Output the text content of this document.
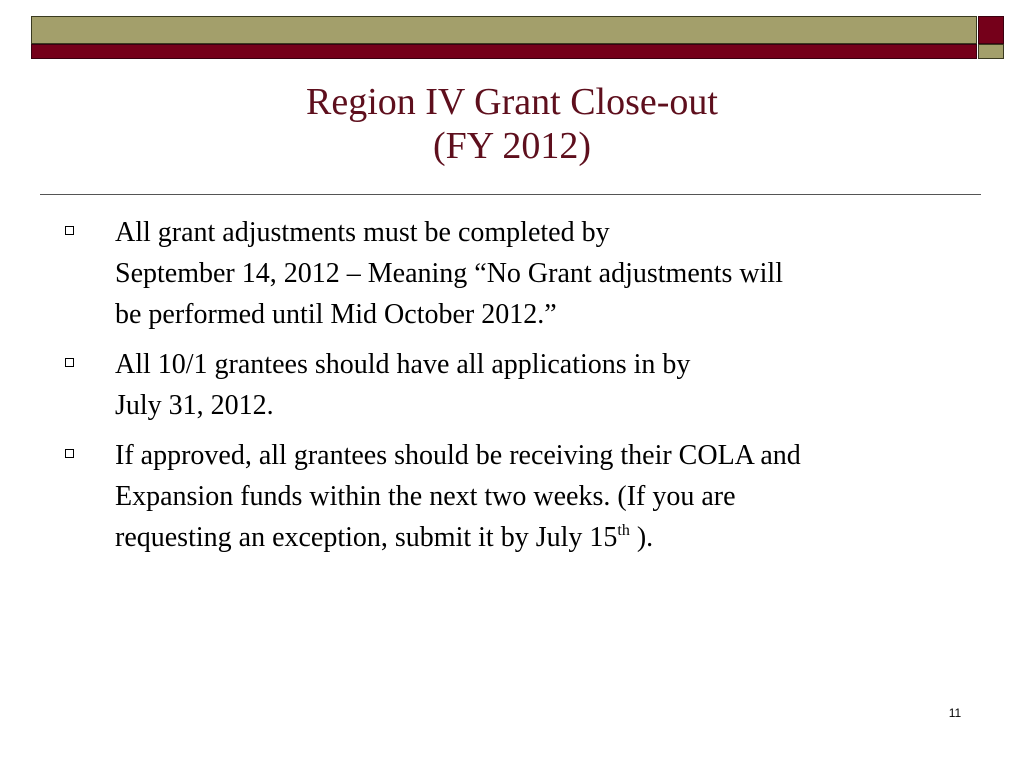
Region IV Grant Close-out
(FY 2012)
All grant adjustments must be completed by
September 14, 2012 – Meaning “No Grant adjustments will
be performed until Mid October 2012.”
All 10/1 grantees should have all applications in by
July 31, 2012.
If approved, all grantees should be receiving their COLA and
Expansion funds within the next two weeks. (If you are
requesting an exception, submit it by July 15th ).
11
